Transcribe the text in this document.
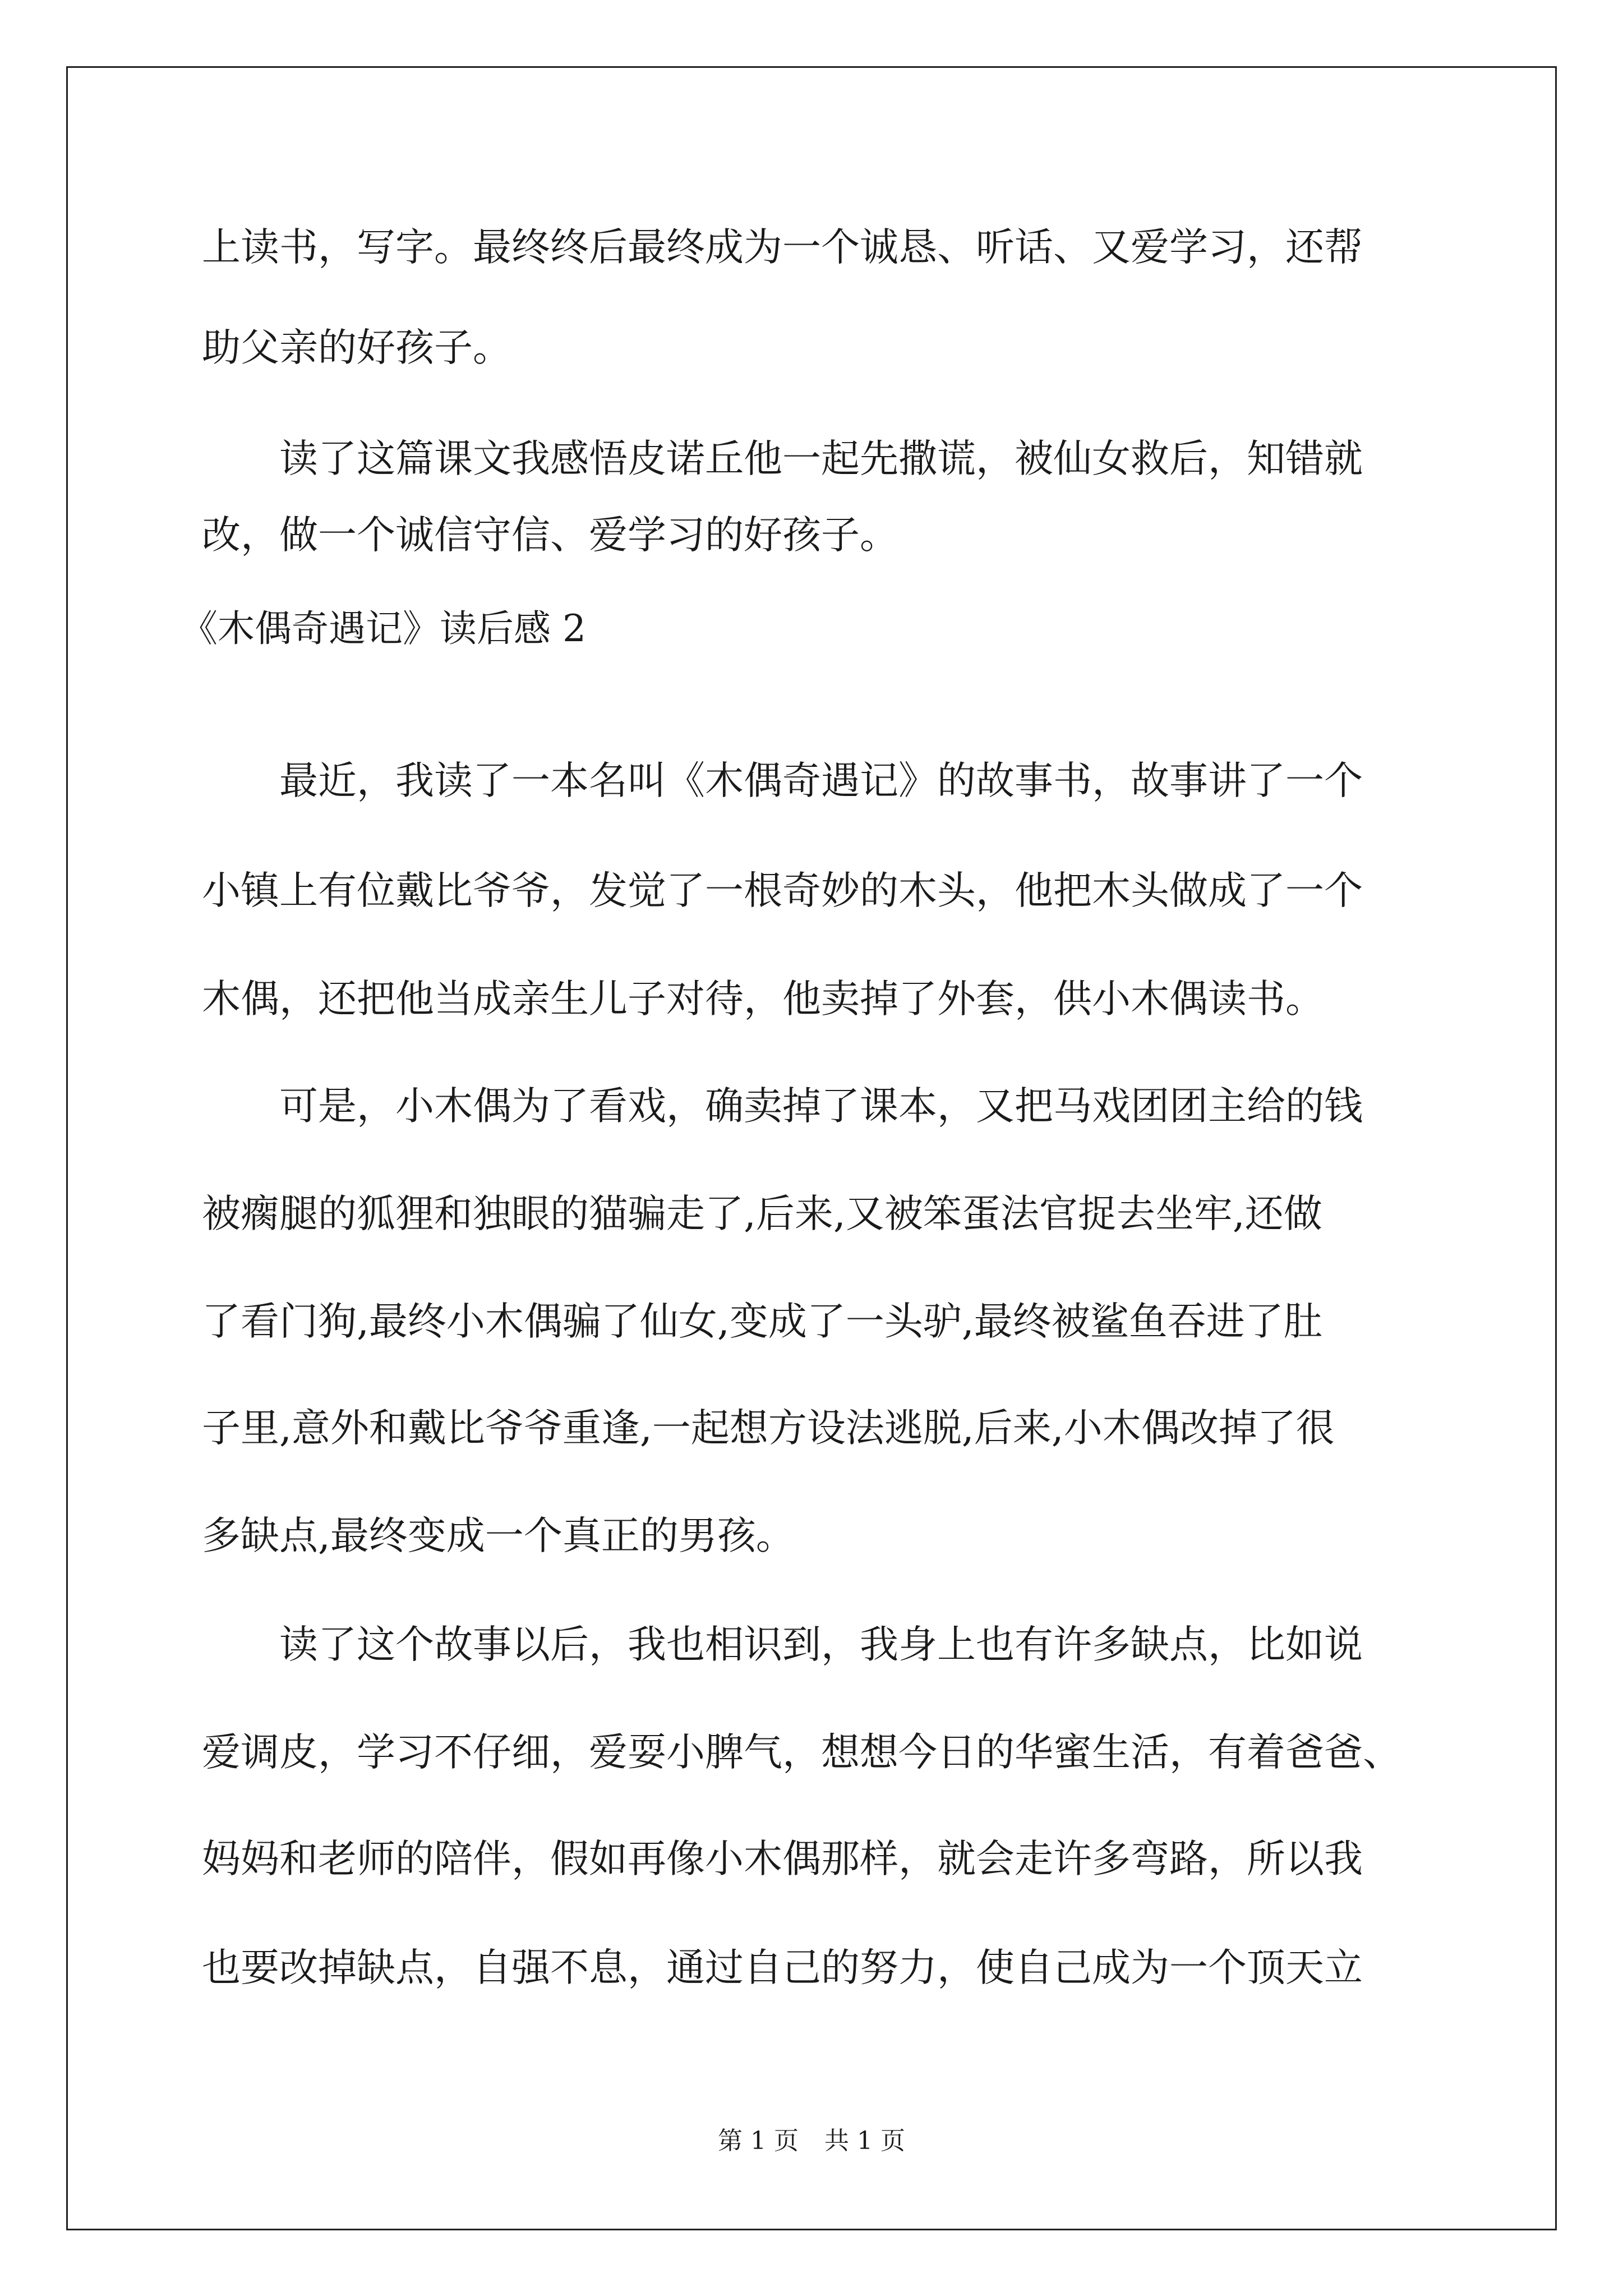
上读书，写字。最终终后最终成为一个诚恳、听话、又爱学习，还帮
助父亲的好孩子。
　　读了这篇课文我感悟皮诺丘他一起先撒谎，被仙女救后，知错就
改，做一个诚信守信、爱学习的好孩子。
《木偶奇遇记》读后感 2
　　最近，我读了一本名叫《木偶奇遇记》的故事书，故事讲了一个
小镇上有位戴比爷爷，发觉了一根奇妙的木头，他把木头做成了一个
木偶，还把他当成亲生儿子对待，他卖掉了外套，供小木偶读书。
　　可是，小木偶为了看戏，确卖掉了课本，又把马戏团团主给的钱
被瘸腿的狐狸和独眼的猫骗走了,后来,又被笨蛋法官捉去坐牢,还做
了看门狗,最终小木偶骗了仙女,变成了一头驴,最终被鲨鱼吞进了肚
子里,意外和戴比爷爷重逢,一起想方设法逃脱,后来,小木偶改掉了很
多缺点,最终变成一个真正的男孩。
　　读了这个故事以后，我也相识到，我身上也有许多缺点，比如说
爱调皮，学习不仔细，爱耍小脾气，想想今日的华蜜生活，有着爸爸、
妈妈和老师的陪伴，假如再像小木偶那样，就会走许多弯路，所以我
也要改掉缺点，自强不息，通过自己的努力，使自己成为一个顶天立
第 1 页 共 1 页
